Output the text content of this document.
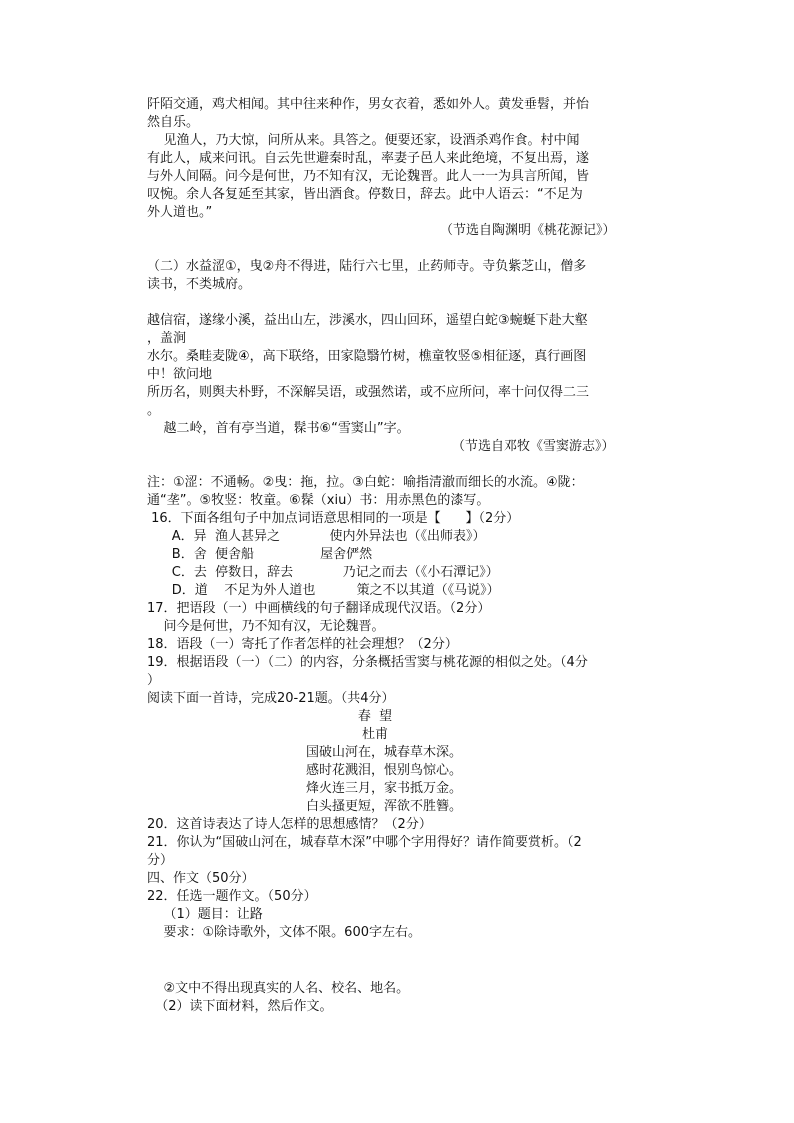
阡陌交通，鸡犬相闻。其中往来种作，男女衣着，悉如外人。黄发垂髫，并怡

然自乐。

见渔人，乃大惊，问所从来。具答之。便要还家，设酒杀鸡作食。村中闻

有此人，咸来问讯。自云先世避秦时乱，率妻子邑人来此绝境，不复出焉，遂

与外人间隔。问今是何世，乃不知有汉，无论魏晋。此人一一为具言所闻，皆

叹惋。余人各复延至其家，皆出酒食。停数日，辞去。此中人语云：“不足为

外人道也。”

（节选自陶渊明《桃花源记》）

（二）水益涩①，曳②舟不得进，陆行六七里，止药师寺。寺负紫芝山，僧多

读书，不类城府。

越信宿，遂缘小溪，益出山左，涉溪水，四山回环，遥望白蛇③蜿蜒下赴大壑

，盖涧

水尔。桑畦麦陇④，高下联络，田家隐翳竹树，樵童牧竖⑤相征逐，真行画图

中！欲问地

所历名，则舆夫朴野，不深解吴语，或强然诺，或不应所问，率十问仅得二三

。

越二岭，首有亭当道，髹书⑥“雪窦山”字。

（节选自邓牧《雪窦游志》）

注：①涩：不通畅。②曳：拖，拉。③白蛇：喻指清澈而细长的水流。④陇：

通“垄”。⑤牧竖：牧童。⑥髹（xiu）书：用赤黑色的漆写。

16．下面各组句子中加点词语意思相同的一项是【      】（2分）

A．异  渔人甚异之            使内外异法也（《出师表》）

B．舍  便舍船                屋舍俨然

C．去  停数日，辞去            乃记之而去（《小石潭记》）

D．道    不足为外人道也          策之不以其道（《马说》）

17．把语段（一）中画横线的句子翻译成现代汉语。（2分）

问今是何世，乃不知有汉，无论魏晋。

18．语段（一）寄托了作者怎样的社会理想？（2分）

19．根据语段（一）（二）的内容，分条概括雪窦与桃花源的相似之处。（4分

）

阅读下面一首诗，完成20-21题。（共4分）

春  望

杜甫

国破山河在，城春草木深。

感时花溅泪，恨别鸟惊心。

烽火连三月，家书抵万金。

白头搔更短，浑欲不胜簪。

20．这首诗表达了诗人怎样的思想感情？（2分）

21．你认为“国破山河在，城春草木深”中哪个字用得好？请作简要赏析。（2

分）

四、作文（50分）

22．任选一题作文。（50分）

（1）题目：让路

要求：①除诗歌外，文体不限。600字左右。

②文中不得出现真实的人名、校名、地名。

（2）读下面材料，然后作文。
